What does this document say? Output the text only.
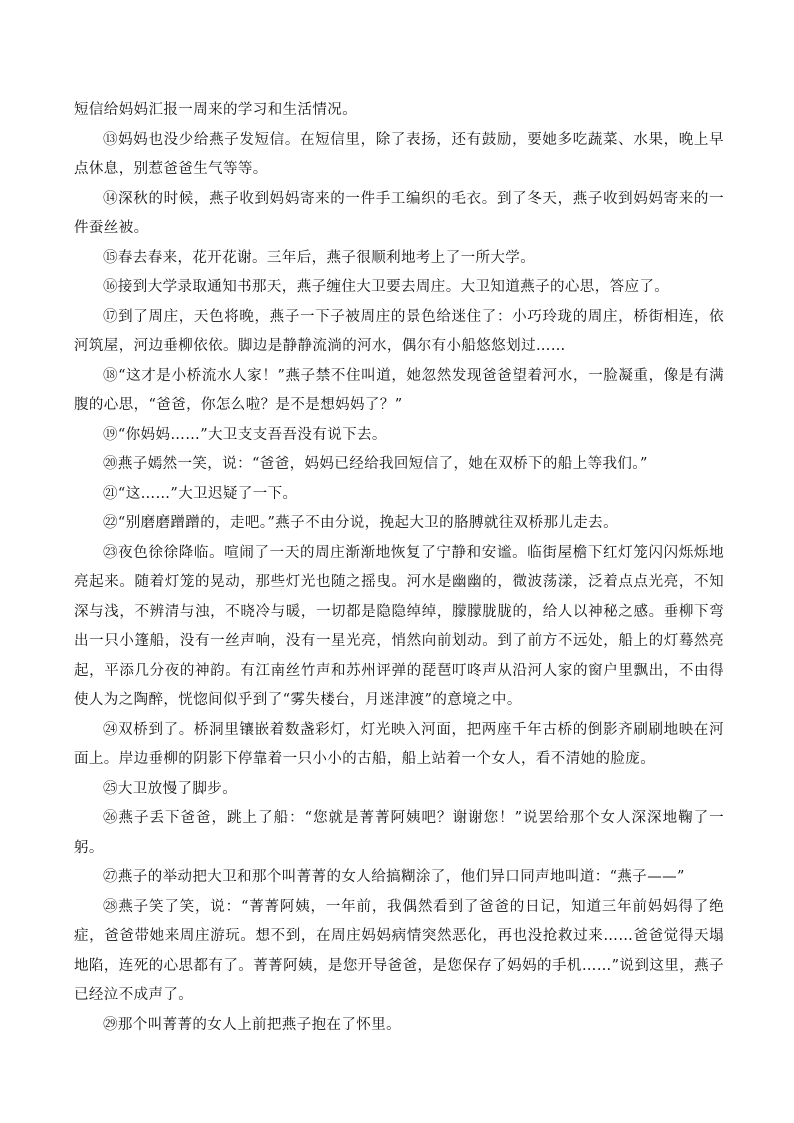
短信给妈妈汇报一周来的学习和生活情况。

⑬妈妈也没少给燕子发短信。在短信里，除了表扬，还有鼓励，要她多吃蔬菜、水果，晚上早点休息，别惹爸爸生气等等。

⑭深秋的时候，燕子收到妈妈寄来的一件手工编织的毛衣。到了冬天，燕子收到妈妈寄来的一件蚕丝被。

⑮春去春来，花开花谢。三年后，燕子很顺利地考上了一所大学。

⑯接到大学录取通知书那天，燕子缠住大卫要去周庄。大卫知道燕子的心思，答应了。

⑰到了周庄，天色将晚，燕子一下子被周庄的景色给迷住了：小巧玲珑的周庄，桥街相连，依河筑屋，河边垂柳依依。脚边是静静流淌的河水，偶尔有小船悠悠划过……

⑱“这才是小桥流水人家！”燕子禁不住叫道，她忽然发现爸爸望着河水，一脸凝重，像是有满腹的心思，“爸爸，你怎么啦？是不是想妈妈了？”

⑲“你妈妈……”大卫支支吾吾没有说下去。

⑳燕子嫣然一笑，说：“爸爸，妈妈已经给我回短信了，她在双桥下的船上等我们。”

㉑“这……”大卫迟疑了一下。

㉒“别磨磨蹭蹭的，走吧。”燕子不由分说，挽起大卫的胳膊就往双桥那儿走去。

㉓夜色徐徐降临。喧闹了一天的周庄渐渐地恢复了宁静和安谧。临街屋檐下红灯笼闪闪烁烁地亮起来。随着灯笼的晃动，那些灯光也随之摇曳。河水是幽幽的，微波荡漾，泛着点点光亮，不知深与浅，不辨清与浊，不晓冷与暖，一切都是隐隐绰绰，朦朦胧胧的，给人以神秘之感。垂柳下弯出一只小篷船，没有一丝声响，没有一星光亮，悄然向前划动。到了前方不远处，船上的灯蓦然亮起，平添几分夜的神韵。有江南丝竹声和苏州评弹的琵琶叮咚声从沿河人家的窗户里飘出，不由得使人为之陶醉，恍惚间似乎到了“雾失楼台，月迷津渡”的意境之中。

㉔双桥到了。桥洞里镶嵌着数盏彩灯，灯光映入河面，把两座千年古桥的倒影齐刷刷地映在河面上。岸边垂柳的阴影下停靠着一只小小的古船，船上站着一个女人，看不清她的脸庞。

㉕大卫放慢了脚步。

㉖燕子丢下爸爸，跳上了船：“您就是菁菁阿姨吧？谢谢您！”说罢给那个女人深深地鞠了一躬。

㉗燕子的举动把大卫和那个叫菁菁的女人给搞糊涂了，他们异口同声地叫道：“燕子——”

㉘燕子笑了笑，说：“菁菁阿姨，一年前，我偶然看到了爸爸的日记，知道三年前妈妈得了绝症，爸爸带她来周庄游玩。想不到，在周庄妈妈病情突然恶化，再也没抢救过来……爸爸觉得天塌地陷，连死的心思都有了。菁菁阿姨，是您开导爸爸，是您保存了妈妈的手机……”说到这里，燕子已经泣不成声了。

㉙那个叫菁菁的女人上前把燕子抱在了怀里。
